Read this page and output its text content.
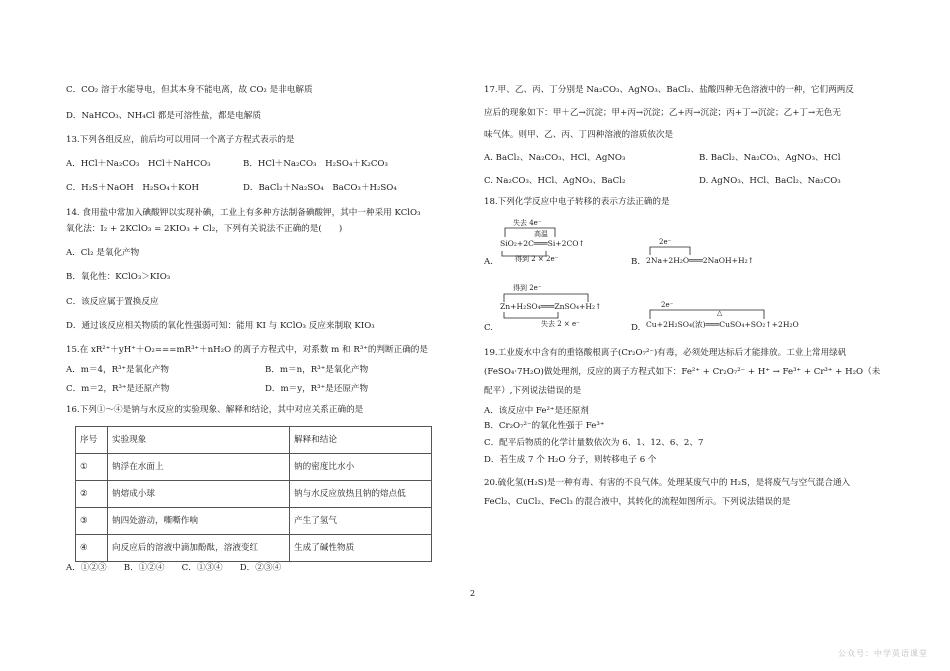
C．CO₂ 溶于水能导电，但其本身不能电离，故 CO₂ 是非电解质
D．NaHCO₃、NH₄Cl 都是可溶性盐，都是电解质
13.下列各组反应，前后均可以用同一个离子方程式表示的是
A．HCl＋Na₂CO₃　HCl＋NaHCO₃	B．HCl＋Na₂CO₃　H₂SO₄＋K₂CO₃
C．H₂S＋NaOH　H₂SO₄＋KOH	D．BaCl₂＋Na₂SO₄　BaCO₃＋H₂SO₄
14. 食用盐中常加入碘酸钾以实现补碘，工业上有多种方法制备碘酸钾，其中一种采用 KClO₃
氧化法：I₂ + 2KClO₃ = 2KIO₃ + Cl₂，下列有关说法不正确的是(　　)
A．Cl₂ 是氧化产物
B．氧化性：KClO₃＞KIO₃
C．该反应属于置换反应
D．通过该反应相关物质的氧化性强弱可知：能用 KI 与 KClO₃ 反应来制取 KIO₃
15.在 xR²⁺＋yH⁺＋O₂===mR³⁺＋nH₂O 的离子方程式中，对系数 m 和 R³⁺的判断正确的是
A．m＝4，R³⁺是氧化产物	B．m＝n，R³⁺是氧化产物
C．m＝2，R³⁺是还原产物	D．m＝y，R³⁺是还原产物
16.下列①～④是钠与水反应的实验现象、解释和结论，其中对应关系正确的是
序号	实验现象	解释和结论
①	钠浮在水面上	钠的密度比水小
②	钠熔成小球	钠与水反应放热且钠的熔点低
③	钠四处游动，嘶嘶作响	产生了氢气
④	向反应后的溶液中滴加酚酞，溶液变红	生成了碱性物质
A．①②③　　B．①②④　　C．①③④　　D．②③④
17.甲、乙、丙、丁分别是 Na₂CO₃、AgNO₃、BaCl₂、盐酸四种无色溶液中的一种，它们两两反
应后的现象如下：甲＋乙→沉淀；甲+丙→沉淀；乙+丙→沉淀；丙+丁→沉淀；乙+丁→无色无
味气体。则甲、乙、丙、丁四种溶液的溶质依次是
A. BaCl₂、Na₂CO₃、HCl、AgNO₃	B. BaCl₂、Na₂CO₃、AgNO₃、HCl
C. Na₂CO₃、HCl、AgNO₃、BaCl₂	D. AgNO₃、HCl、BaCl₂、Na₂CO₃
18.下列化学反应中电子转移的表示方法正确的是
A.
失去 4e⁻
高温
SiO₂+2C═══Si+2CO↑
得到 2 × 2e⁻	B.
2e⁻
2Na+2H₂O═══2NaOH+H₂↑
C.
得到 2e⁻
Zn+H₂SO₄═══ZnSO₄+H₂↑
失去 2 × e⁻	D.
2e⁻
△
Cu+2H₂SO₄(浓)═══CuSO₄+SO₂↑+2H₂O
19.工业废水中含有的重铬酸根离子(Cr₂O₇²⁻)有毒，必须处理达标后才能排放。工业上常用绿矾
(FeSO₄·7H₂O)做处理剂，反应的离子方程式如下：Fe²⁺ + Cr₂O₇²⁻ + H⁺ → Fe³⁺ + Cr³⁺ + H₂O（未
配平）,下列说法错误的是
A．该反应中 Fe²⁺是还原剂
B．Cr₂O₇²⁻的氧化性强于 Fe³⁺
C．配平后物质的化学计量数依次为 6、1、12、6、2、7
D．若生成 7 个 H₂O 分子，则转移电子 6 个
20.硫化氢(H₂S)是一种有毒、有害的不良气体。处理某废气中的 H₂S，是将废气与空气混合通入
FeCl₂、CuCl₂、FeCl₃ 的混合液中，其转化的流程如图所示。下列说法错误的是
2
公众号：中学英语课堂
